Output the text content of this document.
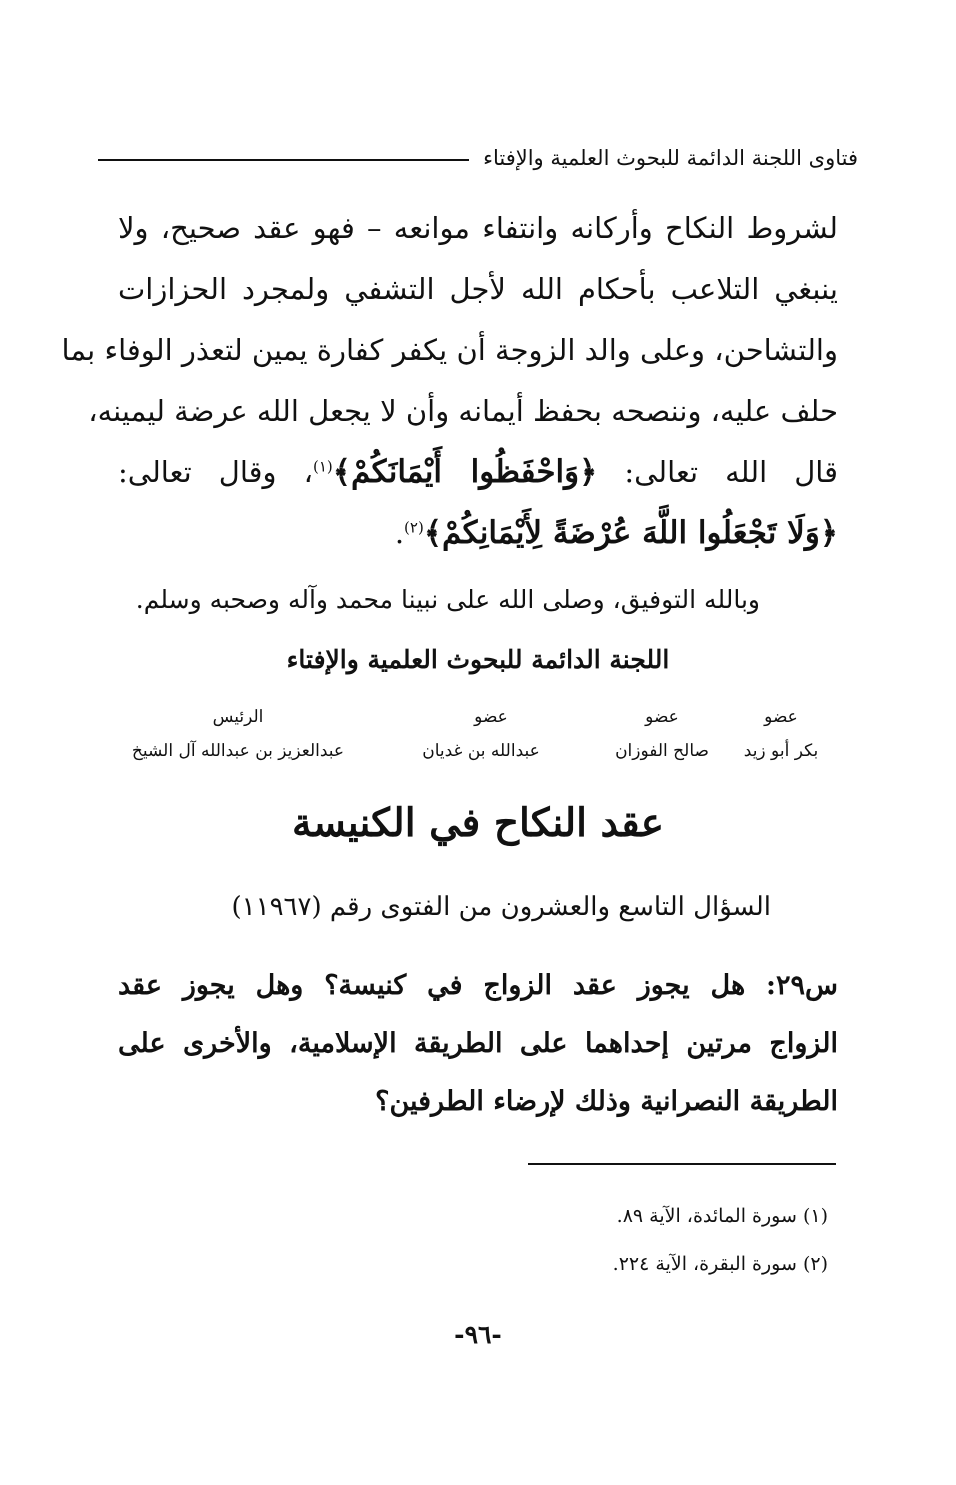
فتاوى اللجنة الدائمة للبحوث العلمية والإفتاء
لشروط النكاح وأركانه وانتفاء موانعه – فهو عقد صحيح، ولا
ينبغي التلاعب بأحكام الله لأجل التشفي ولمجرد الحزازات
والتشاحن، وعلى والد الزوجة أن يكفر كفارة يمين لتعذر الوفاء بما
حلف عليه، وننصحه بحفظ أيمانه وأن لا يجعل الله عرضة ليمينه،
قال الله تعالى: ﴿وَاحْفَظُوا أَيْمَانَكُمْ﴾$^{(١)}$، وقال تعالى:
﴿وَلَا تَجْعَلُوا اللَّهَ عُرْضَةً لِأَيْمَانِكُمْ﴾$^{(٢)}$.
وبالله التوفيق، وصلى الله على نبينا محمد وآله وصحبه وسلم.
اللجنة الدائمة للبحوث العلمية والإفتاء
عضو
بكر أبو زيد
عضو
صالح الفوزان
عضو
عبدالله بن غديان
الرئيس
عبدالعزيز بن عبدالله آل الشيخ
عقد النكاح في الكنيسة
السؤال التاسع والعشرون من الفتوى رقم (١١٩٦٧)
س٢٩: هل يجوز عقد الزواج في كنيسة؟ وهل يجوز عقد
الزواج مرتين إحداهما على الطريقة الإسلامية، والأخرى على
الطريقة النصرانية وذلك لإرضاء الطرفين؟
(١) سورة المائدة، الآية ٨٩.
(٢) سورة البقرة، الآية ٢٢٤.
-٩٦-
